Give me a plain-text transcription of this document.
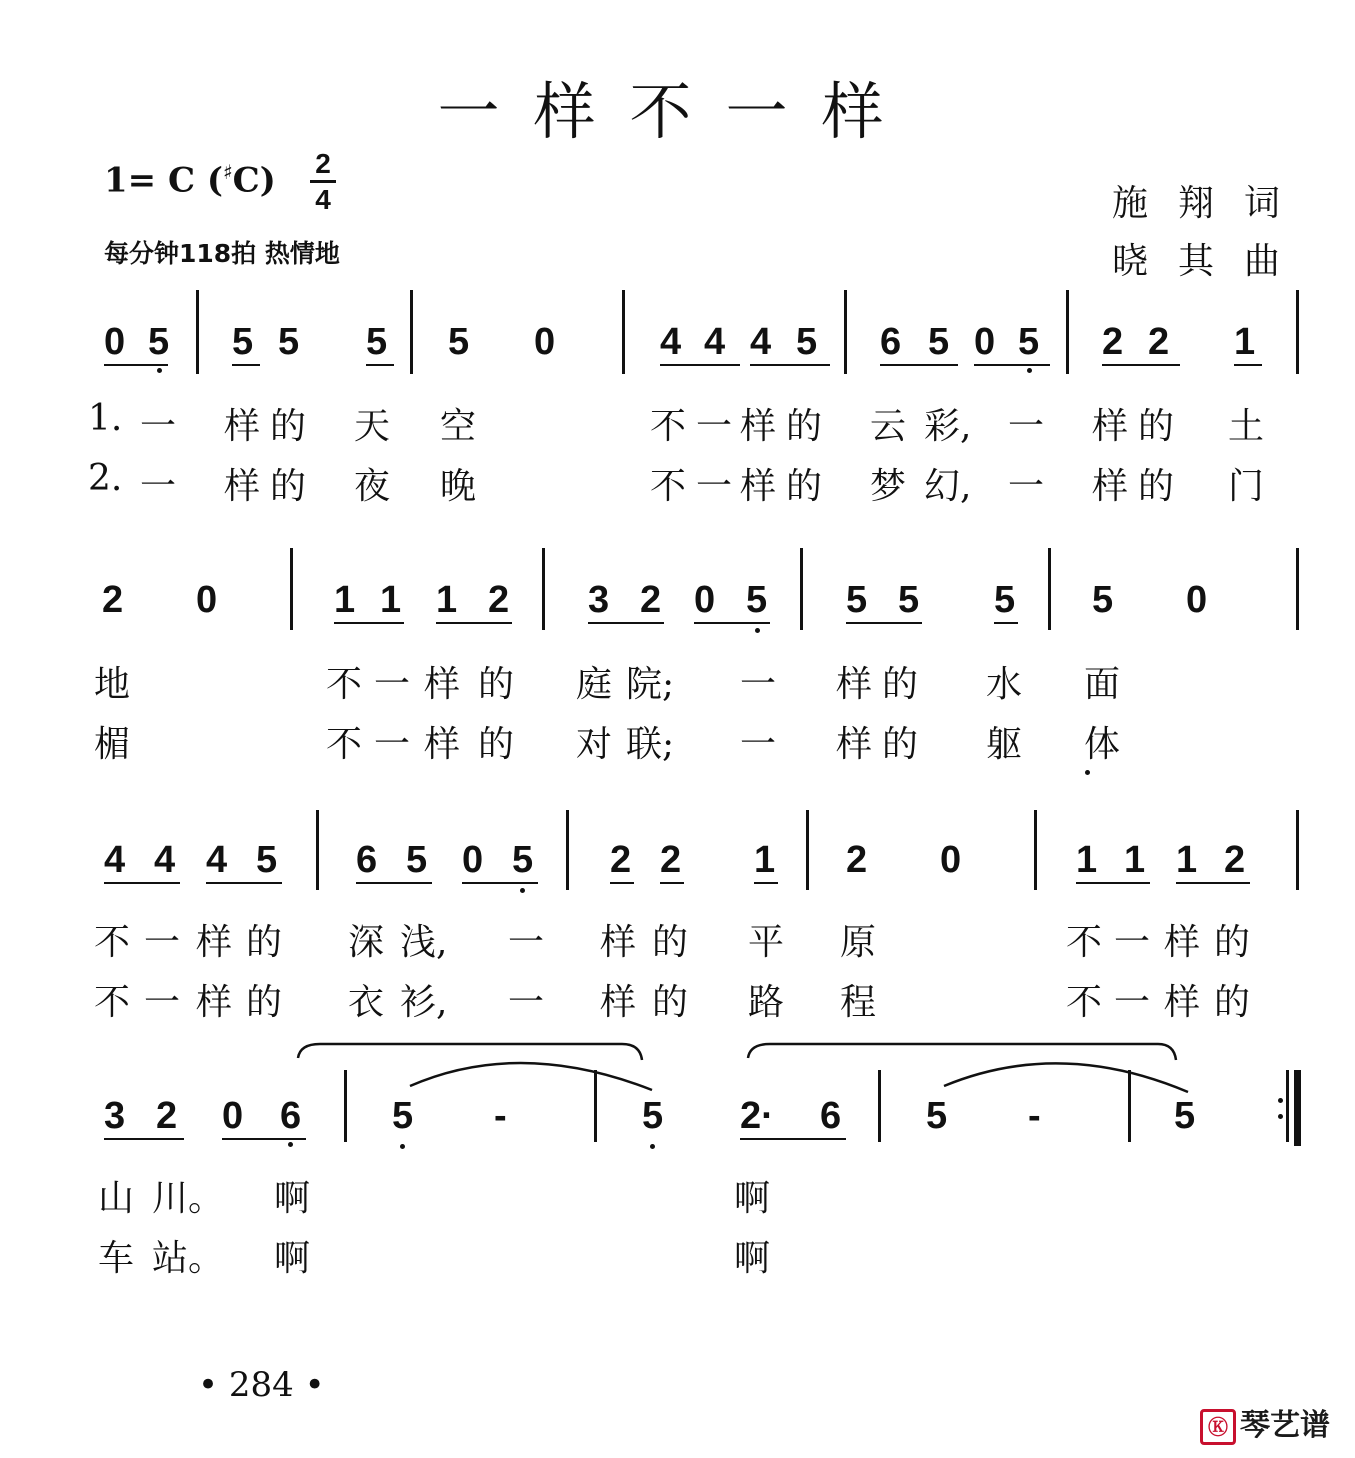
一样不一样
1= C (♯C) 2
4
每分钟118拍 热情地
施翔词
晓其曲
0 5 5 5 5 5 0	4 4 4 5 6 5 0 5 2 2 1
1. 一 样 的 天 空	不 一 样 的 云 彩, 一 样 的 土
2. 一 样 的 夜 晚	不 一 样 的 梦 幻, 一 样 的 门
2 0	1 1 1 2 3 2 0 5 5 5 5 5 0
地	不 一 样 的 庭 院; 一 样 的 水 面
楣	不 一 样 的 对 联; 一 样 的 躯 体
4 4 4 5 6 5 0 5 2 2 1 2 0	1 1 1 2
不 一 样 的 深 浅, 一 样 的 平 原	不 一 样 的
不 一 样 的 衣 衫, 一 样 的 路 程	不 一 样 的
3 2 0 6 5 -	5 2· 6 5 -	5
山 川。 啊	啊
车 站。 啊	啊
• 284 •
Ⓚ 琴艺谱
